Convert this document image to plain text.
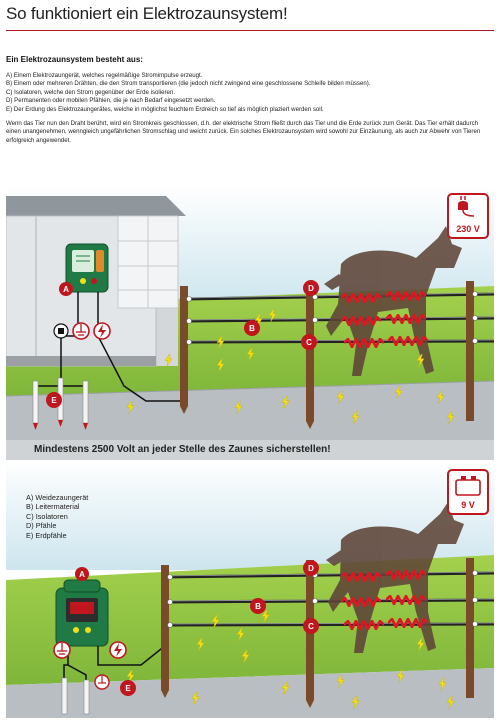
So funktioniert ein Elektrozaunsystem!
Ein Elektrozaunsystem besteht aus:
A) Einem Elektrozaungerät, welches regelmäßige Stromimpulse erzeugt.
B) Einem oder mehreren Drähten, die den Strom transportieren (die jedoch nicht zwingend eine geschlossene Schleife bilden müssen).
C) Isolatoren, welche den Strom gegenüber der Erde isolieren.
D) Permanenten oder mobilen Pfählen, die je nach Bedarf eingesetzt werden.
E) Der Erdung des Elektrozaungerätes, welche in möglichst feuchtem Erdreich so tief als möglich plaziert werden soll.

Wenn das Tier nun den Draht berührt, wird ein Stromkreis geschlossen, d.h. der elektrische Strom fließt durch das Tier und die Erde zurück zum Gerät. Das Tier erhält dadurch einen unangenehmen, wenngleich ungefährlichen Stromschlag und weicht zurück. Ein solches Elektrozaunsystem wird sowohl zur Einzäunung, als auch zur Abwehr von Tieren erfolgreich angewendet.

230 V
A
B
C
D
E
Mindestens 2500 Volt an jeder Stelle des Zaunes sicherstellen!
9 V
A
B
C
D
E
A) Weidezaungerät
B) Leitermaterial
C) Isolatoren
D) Pfähle
E) Erdpfähle
